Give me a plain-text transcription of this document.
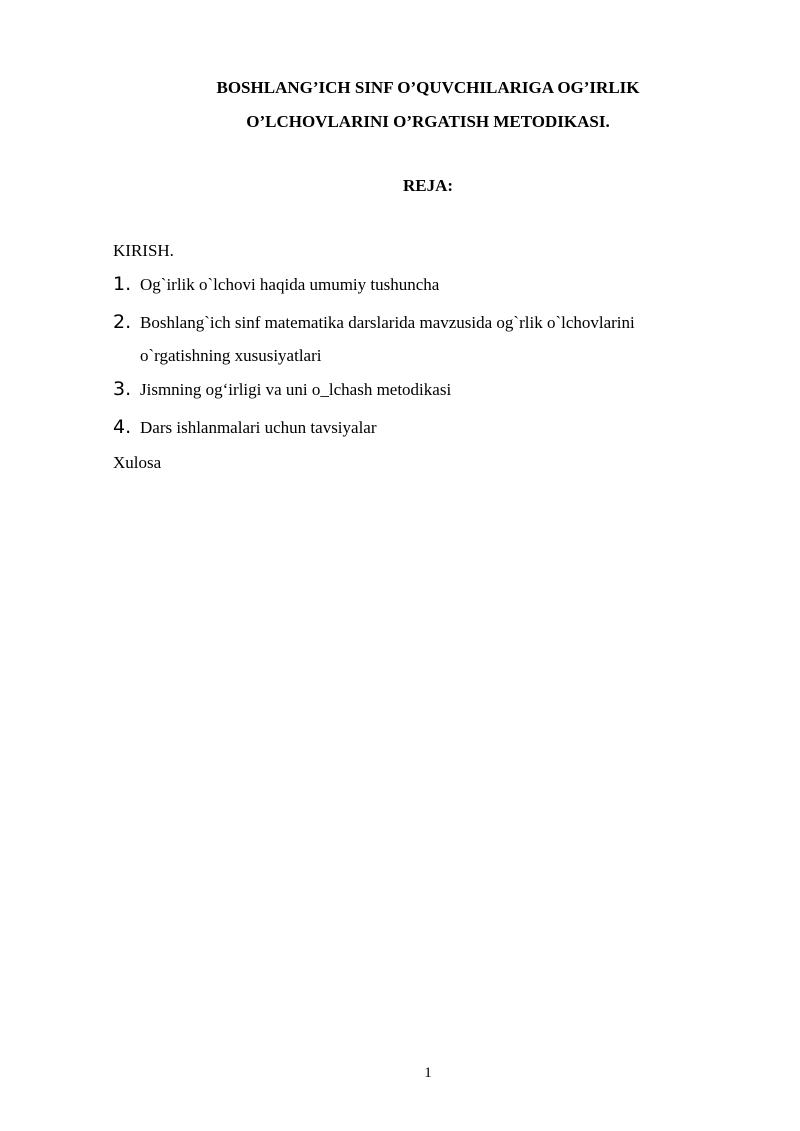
BOSHLANG’ICH SINF O’QUVCHILARIGA OG’IRLIK
O’LCHOVLARINI O’RGATISH METODIKASI.
REJA:
KIRISH.
1. Og`irlik o`lchovi haqida umumiy tushuncha
2. Boshlang`ich sinf matematika darslarida mavzusida og`rlik o`lchovlarini o`rgatishning xususiyatlari
3. Jismning og‘irligi va uni o_lchash metodikasi
4. Dars ishlanmalari uchun tavsiyalar
Xulosa
1
